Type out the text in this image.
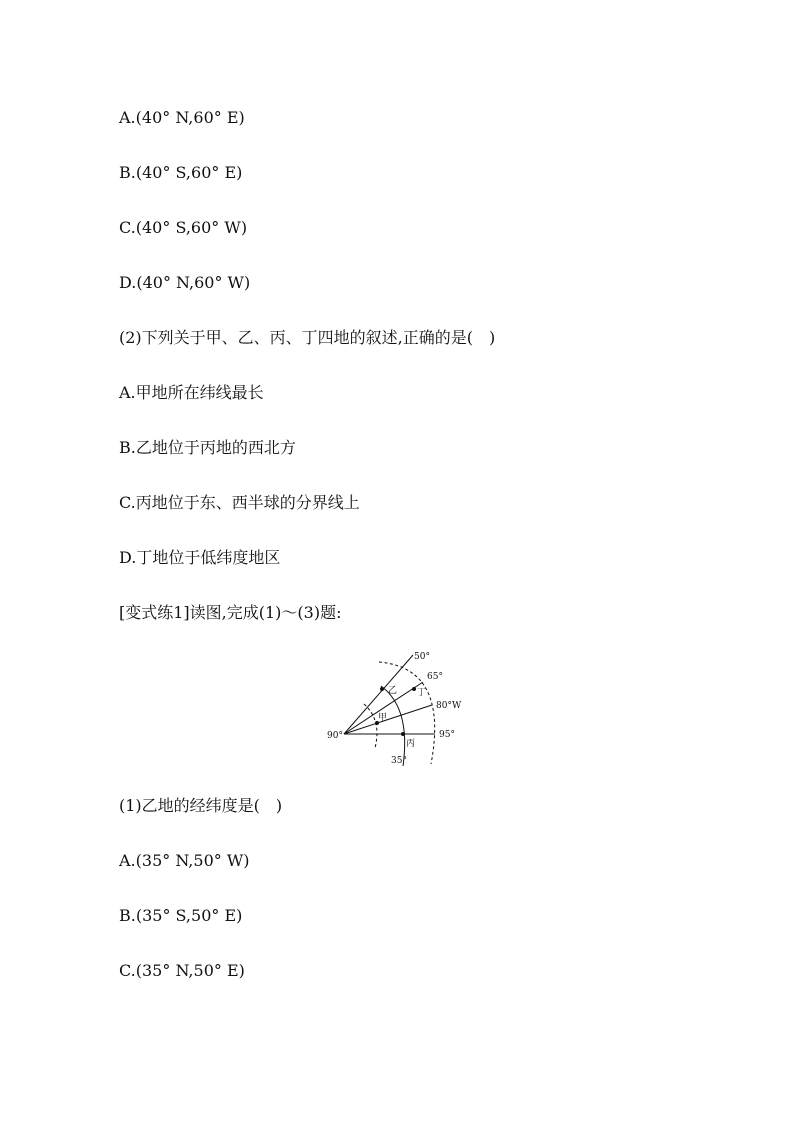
A.(40° N,60° E)
B.(40° S,60° E)
C.(40° S,60° W)
D.(40° N,60° W)
(2)下列关于甲、乙、丙、丁四地的叙述,正确的是(　)
A.甲地所在纬线最长
B.乙地位于丙地的西北方
C.丙地位于东、西半球的分界线上
D.丁地位于低纬度地区
[变式练1]读图,完成(1)～(3)题:
50°
65°
80°W
95°
90°
35°
乙 丁
甲
丙
(1)乙地的经纬度是(　)
A.(35° N,50° W)
B.(35° S,50° E)
C.(35° N,50° E)
